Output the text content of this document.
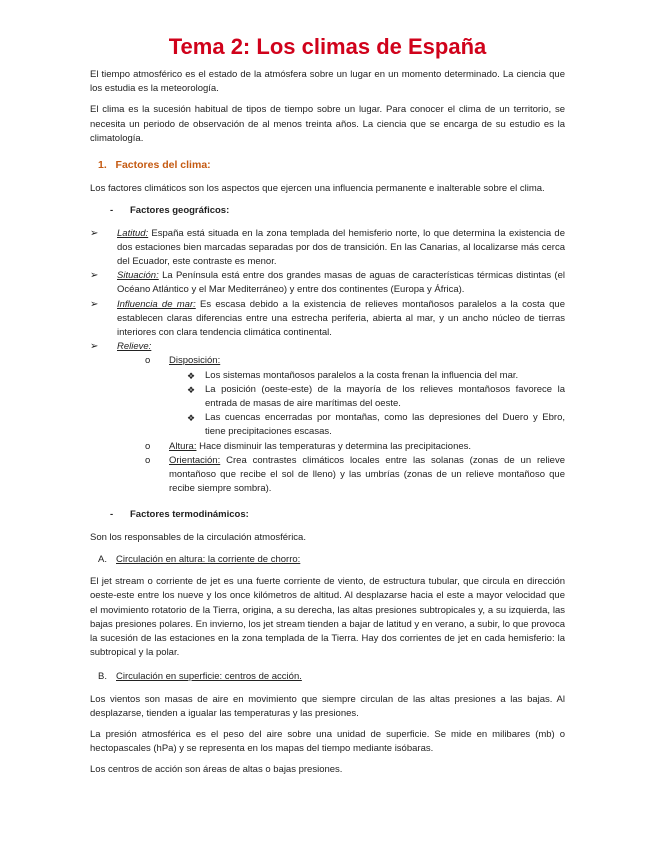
Tema 2: Los climas de España

El tiempo atmosférico es el estado de la atmósfera sobre un lugar en un momento determinado. La ciencia que los estudia es la meteorología.

El clima es la sucesión habitual de tipos de tiempo sobre un lugar. Para conocer el clima de un territorio, se necesita un periodo de observación de al menos treinta años. La ciencia que se encarga de su estudio es la climatología.

1. Factores del clima:

Los factores climáticos son los aspectos que ejercen una influencia permanente e inalterable sobre el clima.

- Factores geográficos:
➢ Latitud: España está situada en la zona templada del hemisferio norte, lo que determina la existencia de dos estaciones bien marcadas separadas por dos de transición. En las Canarias, al localizarse más cerca del Ecuador, este contraste es menor.
➢ Situación: La Península está entre dos grandes masas de aguas de características térmicas distintas (el Océano Atlántico y el Mar Mediterráneo) y entre dos continentes (Europa y África).
➢ Influencia de mar: Es escasa debido a la existencia de relieves montañosos paralelos a la costa que establecen claras diferencias entre una estrecha periferia, abierta al mar, y un ancho núcleo de tierras interiores con clara tendencia climática continental.
➢ Relieve:
o Disposición:
❖ Los sistemas montañosos paralelos a la costa frenan la influencia del mar.
❖ La posición (oeste-este) de la mayoría de los relieves montañosos favorece la entrada de masas de aire marítimas del oeste.
❖ Las cuencas encerradas por montañas, como las depresiones del Duero y Ebro, tiene precipitaciones escasas.
o Altura: Hace disminuir las temperaturas y determina las precipitaciones.
o Orientación: Crea contrastes climáticos locales entre las solanas (zonas de un relieve montañoso que recibe el sol de lleno) y las umbrías (zonas de un relieve montañoso que recibe siempre sombra).
- Factores termodinámicos:

Son los responsables de la circulación atmosférica.

A. Circulación en altura: la corriente de chorro:

El jet stream o corriente de jet es una fuerte corriente de viento, de estructura tubular, que circula en dirección oeste-este entre los nueve y los once kilómetros de altitud. Al desplazarse hacia el este a mayor velocidad que el movimiento rotatorio de la Tierra, origina, a su derecha, las altas presiones subtropicales y, a su izquierda, las bajas presiones polares. En invierno, los jet stream tienden a bajar de latitud y en verano, a subir, lo que provoca la sucesión de las estaciones en la zona templada de la Tierra. Hay dos corrientes de jet en cada hemisferio: la subtropical y la polar.

B. Circulación en superficie: centros de acción.

Los vientos son masas de aire en movimiento que siempre circulan de las altas presiones a las bajas. Al desplazarse, tienden a igualar las temperaturas y las presiones.

La presión atmosférica es el peso del aire sobre una unidad de superficie. Se mide en milibares (mb) o hectopascales (hPa) y se representa en los mapas del tiempo mediante isóbaras.

Los centros de acción son áreas de altas o bajas presiones.
